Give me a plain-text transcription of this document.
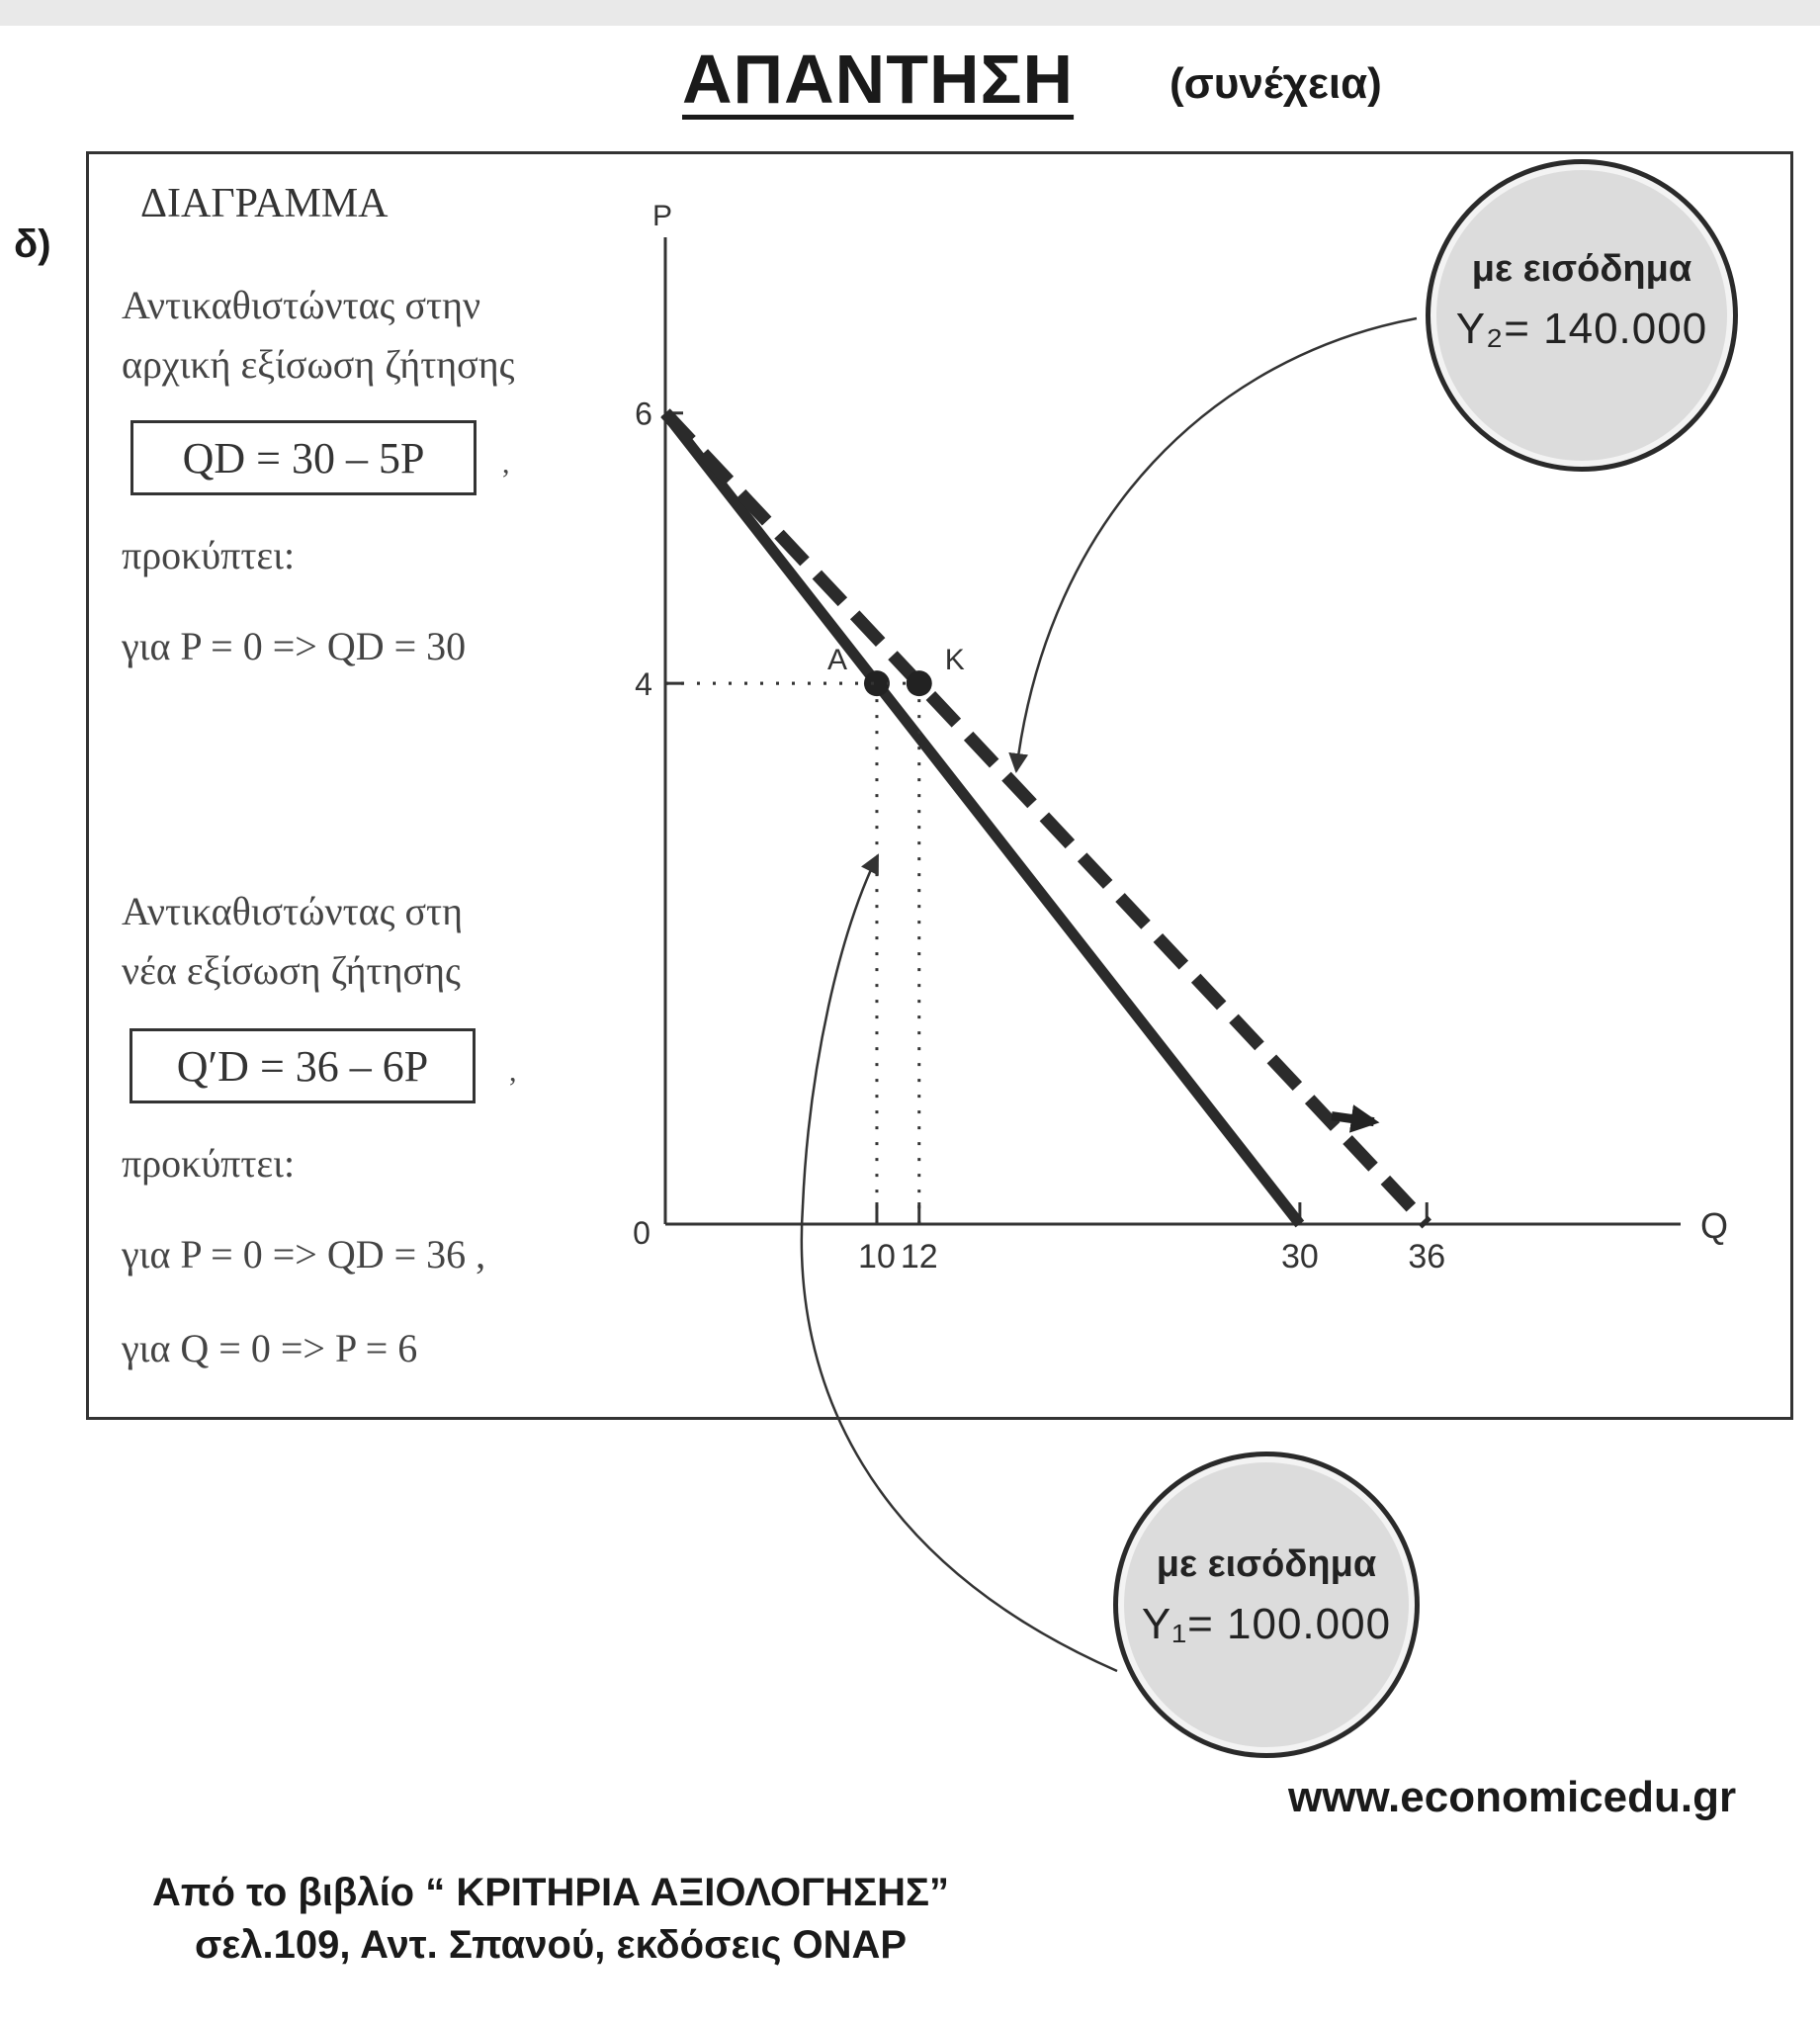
ΑΠΑΝΤΗΣΗ (συνέχεια)
δ)
ΔΙΑΓΡΑΜΜΑ
Αντικαθιστώντας στην
αρχική εξίσωση ζήτησης
QD = 30 – 5P	,
προκύπτει:
για P = 0 => QD = 30
Αντικαθιστώντας στη
νέα εξίσωση ζήτησης
Q′D = 36 – 6P	,
προκύπτει:
για P = 0 => QD = 36 ,
για Q = 0 => P = 6
P
Q
0
10 12	30	36
6
4
A	K
με εισόδημα
Y₂= 140.000
με εισόδημα
Y₁= 100.000
www.economicedu.gr
Από το βιβλίο “ ΚΡΙΤΗΡΙΑ ΑΞΙΟΛΟΓΗΣΗΣ”
σελ.109, Αντ. Σπανού, εκδόσεις ΟΝΑΡ
